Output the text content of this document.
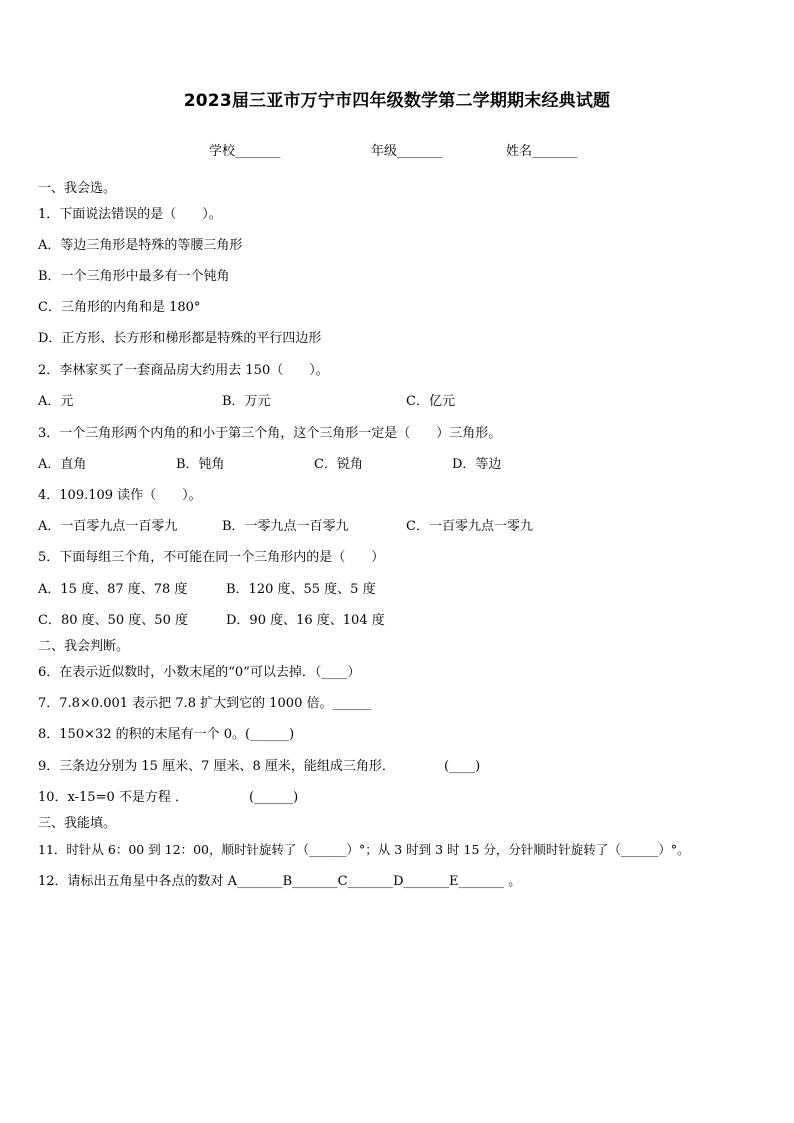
2023届三亚市万宁市四年级数学第二学期期末经典试题
学校_______	年级_______	姓名_______
一、我会选。
1．下面说法错误的是（　　）。
A．等边三角形是特殊的等腰三角形
B．一个三角形中最多有一个钝角
C．三角形的内角和是 180°
D．正方形、长方形和梯形都是特殊的平行四边形
2．李林家买了一套商品房大约用去 150（　　）。
A．元	B．万元	C．亿元
3．一个三角形两个内角的和小于第三个角，这个三角形一定是（　　）三角形。
A．直角	B．钝角	C．锐角	D．等边
4．109.109 读作（　　）。
A．一百零九点一百零九	B．一零九点一百零九	C．一百零九点一零九
5．下面每组三个角，不可能在同一个三角形内的是（　　）
A．15 度、87 度、78 度	B．120 度、55 度、5 度
C．80 度、50 度、50 度	D．90 度、16 度、104 度
二、我会判断。
6．在表示近似数时，小数末尾的“0”可以去掉．（____）
7．7.8×0.001 表示把 7.8 扩大到它的 1000 倍。______
8．150×32 的积的末尾有一个 0。(______)
9．三条边分别为 15 厘米、7 厘米、8 厘米，能组成三角形．	(____)
10．x-15=0 不是方程 ．	(______)
三、我能填。
11．时针从 6：00 到 12：00，顺时针旋转了（______）°；从 3 时到 3 时 15 分，分针顺时针旋转了（______）°。
12．请标出五角星中各点的数对 A_______B_______C_______D_______E_______ 。
